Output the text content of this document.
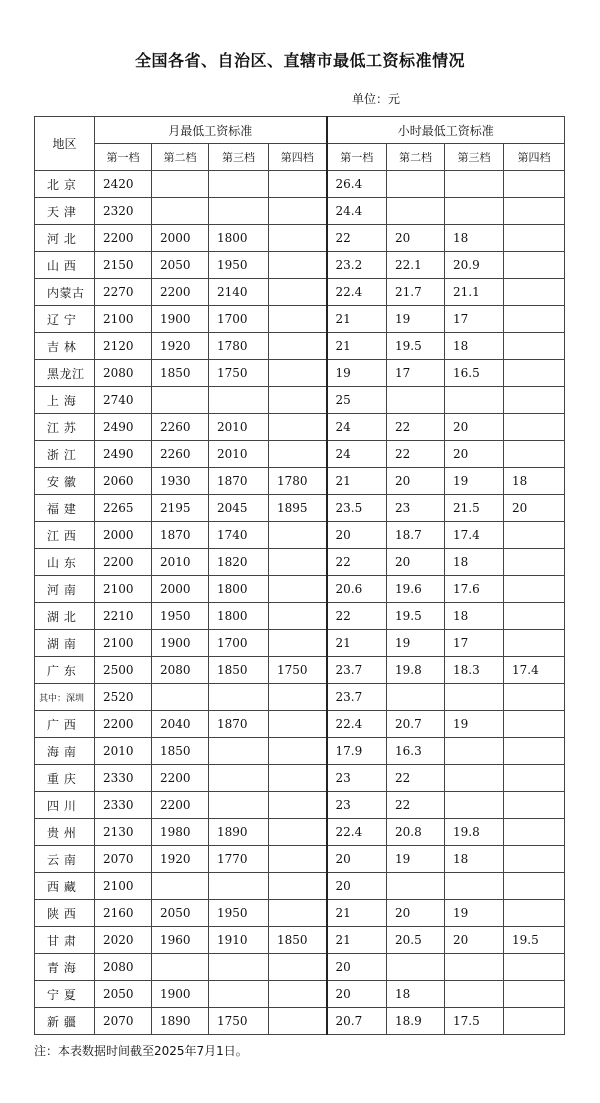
全国各省、自治区、直辖市最低工资标准情况
单位：元
地区	月最低工资标准				小时最低工资标准			
	第一档	第二档	第三档	第四档	第一档	第二档	第三档	第四档
北 京	2420				26.4			
天 津	2320				24.4			
河 北	2200	2000	1800		22	20	18	
山 西	2150	2050	1950		23.2	22.1	20.9	
内蒙古	2270	2200	2140		22.4	21.7	21.1	
辽 宁	2100	1900	1700		21	19	17	
吉 林	2120	1920	1780		21	19.5	18	
黑龙江	2080	1850	1750		19	17	16.5	
上 海	2740				25			
江 苏	2490	2260	2010		24	22	20	
浙 江	2490	2260	2010		24	22	20	
安 徽	2060	1930	1870	1780	21	20	19	18
福 建	2265	2195	2045	1895	23.5	23	21.5	20
江 西	2000	1870	1740		20	18.7	17.4	
山 东	2200	2010	1820		22	20	18	
河 南	2100	2000	1800		20.6	19.6	17.6	
湖 北	2210	1950	1800		22	19.5	18	
湖 南	2100	1900	1700		21	19	17	
广 东	2500	2080	1850	1750	23.7	19.8	18.3	17.4
其中：深圳	2520				23.7			
广 西	2200	2040	1870		22.4	20.7	19	
海 南	2010	1850			17.9	16.3		
重 庆	2330	2200			23	22		
四 川	2330	2200			23	22		
贵 州	2130	1980	1890		22.4	20.8	19.8	
云 南	2070	1920	1770		20	19	18	
西 藏	2100				20			
陕 西	2160	2050	1950		21	20	19	
甘 肃	2020	1960	1910	1850	21	20.5	20	19.5
青 海	2080				20			
宁 夏	2050	1900			20	18		
新 疆	2070	1890	1750		20.7	18.9	17.5	
注：本表数据时间截至2025年7月1日。
